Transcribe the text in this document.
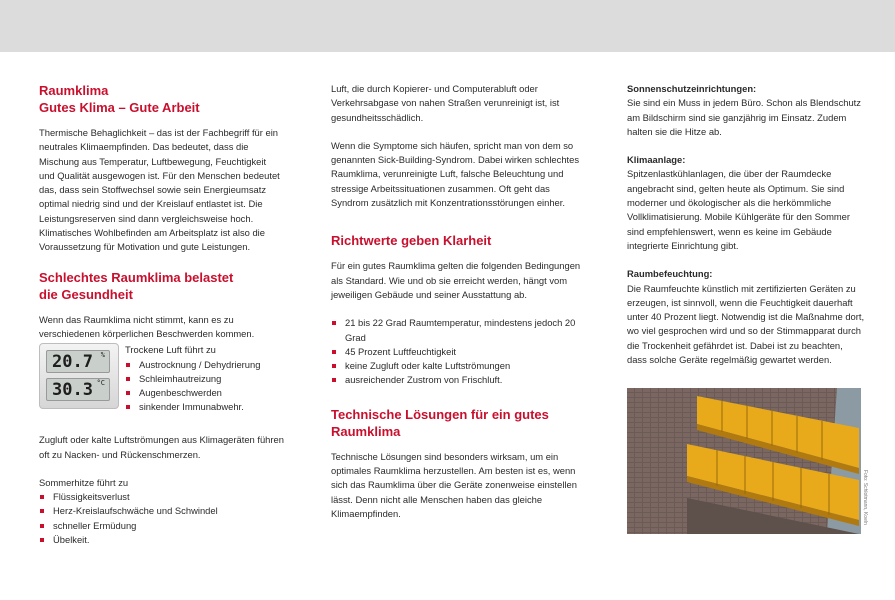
Raumklima
Gutes Klima – Gute Arbeit

Thermische Behaglichkeit – das ist der Fachbegriff für ein neutrales Klimaempfinden. Das bedeutet, dass die Mischung aus Temperatur, Luftbewegung, Feuchtigkeit und Qualität ausgewogen ist. Für den Menschen bedeutet das, dass sein Stoffwechsel sowie sein Energieumsatz optimal niedrig sind und der Kreislauf entlastet ist. Die Leistungsreserven sind dann vergleichsweise hoch. Klimatisches Wohlbefinden am Arbeitsplatz ist also die Voraussetzung für Motivation und gute Leistungen.

Schlechtes Raumklima belastet
die Gesundheit

Wenn das Raumklima nicht stimmt, kann es zu verschiedenen körperlichen Beschwerden kommen.

20.7 %
30.3 °C
Trockene Luft führt zu
Austrocknung / Dehydrierung
Schleimhautreizung
Augenbeschwerden
sinkender Immunabwehr.

Zugluft oder kalte Luftströmungen aus Klimageräten führen oft zu Nacken- und Rückenschmerzen.

Sommerhitze führt zu
Flüssigkeitsverlust
Herz-Kreislaufschwäche und Schwindel
schneller Ermüdung
Übelkeit.

Luft, die durch Kopierer- und Computerabluft oder Verkehrsabgase von nahen Straßen verunreinigt ist, ist gesundheitsschädlich.

Wenn die Symptome sich häufen, spricht man von dem so genannten Sick-Building-Syndrom. Dabei wirken schlechtes Raumklima, verunreinigte Luft, falsche Beleuchtung und stressige Arbeitssituationen zusammen. Oft geht das Syndrom zusätzlich mit Konzentrationsstörungen einher.

Richtwerte geben Klarheit

Für ein gutes Raumklima gelten die folgenden Bedingungen als Standard. Wie und ob sie erreicht werden, hängt vom jeweiligen Gebäude und seiner Ausstattung ab.

21 bis 22 Grad Raumtemperatur, mindestens jedoch 20 Grad
45 Prozent Luftfeuchtigkeit
keine Zugluft oder kalte Luftströmungen
ausreichender Zustrom von Frischluft.
Technische Lösungen für ein gutes
Raumklima

Technische Lösungen sind besonders wirksam, um ein optimales Raumklima herzustellen. Am besten ist es, wenn sich das Raumklima über die Geräte zonenweise einstellen lässt. Denn nicht alle Menschen haben das gleiche Klimaempfinden.

Sonnenschutzeinrichtungen:

Sie sind ein Muss in jedem Büro. Schon als Blendschutz am Bildschirm sind sie ganzjährig im Einsatz. Zudem halten sie die Hitze ab.

Klimaanlage:

Spitzenlastkühlanlagen, die über der Raumdecke angebracht sind, gelten heute als Optimum. Sie sind moderner und ökologischer als die herkömmliche Vollklimatisierung. Mobile Kühlgeräte für den Sommer sind empfehlenswert, wenn es keine im Gebäude integrierte Einrichtung gibt.

Raumbefeuchtung:

Die Raumfeuchte künstlich mit zertifizierten Geräten zu erzeugen, ist sinnvoll, wenn die Feuchtigkeit dauerhaft unter 40 Prozent liegt. Notwendig ist die Maßnahme dort, wo viel gesprochen wird und so der Stimmapparat durch die Trockenheit gefährdet ist. Dabei ist zu beachten, dass solche Geräte regelmäßig gewartet werden.

Foto: Schlotmann, Koeln
